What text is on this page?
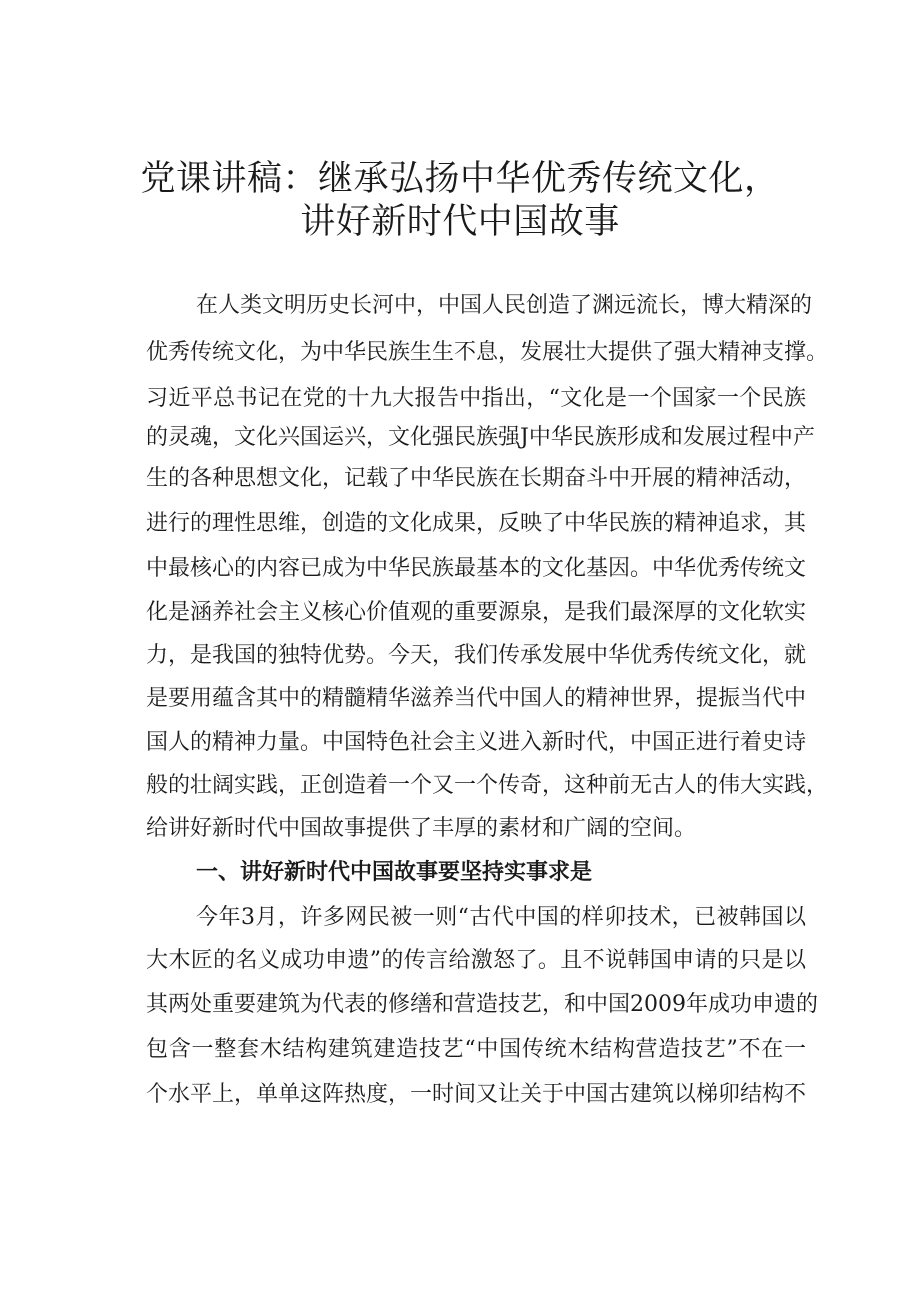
党课讲稿：继承弘扬中华优秀传统文化，
讲好新时代中国故事

在人类文明历史长河中，中国人民创造了渊远流长，博大精深的

优秀传统文化，为中华民族生生不息，发展壮大提供了强大精神支撑。

习近平总书记在党的十九大报告中指出，“文化是一个国家一个民族

的灵魂，文化兴国运兴，文化强民族强J中华民族形成和发展过程中产

生的各种思想文化，记载了中华民族在长期奋斗中开展的精神活动，

进行的理性思维，创造的文化成果，反映了中华民族的精神追求，其

中最核心的内容已成为中华民族最基本的文化基因。中华优秀传统文

化是涵养社会主义核心价值观的重要源泉，是我们最深厚的文化软实

力，是我国的独特优势。今天，我们传承发展中华优秀传统文化，就

是要用蕴含其中的精髓精华滋养当代中国人的精神世界，提振当代中

国人的精神力量。中国特色社会主义进入新时代，中国正进行着史诗

般的壮阔实践，正创造着一个又一个传奇，这种前无古人的伟大实践，

给讲好新时代中国故事提供了丰厚的素材和广阔的空间。

一、讲好新时代中国故事要坚持实事求是

今年3月，许多网民被一则“古代中国的样卯技术，已被韩国以

大木匠的名义成功申遗”的传言给激怒了。且不说韩国申请的只是以

其两处重要建筑为代表的修缮和营造技艺，和中国2009年成功申遗的

包含一整套木结构建筑建造技艺“中国传统木结构营造技艺”不在一

个水平上，单单这阵热度，一时间又让关于中国古建筑以梯卯结构不
